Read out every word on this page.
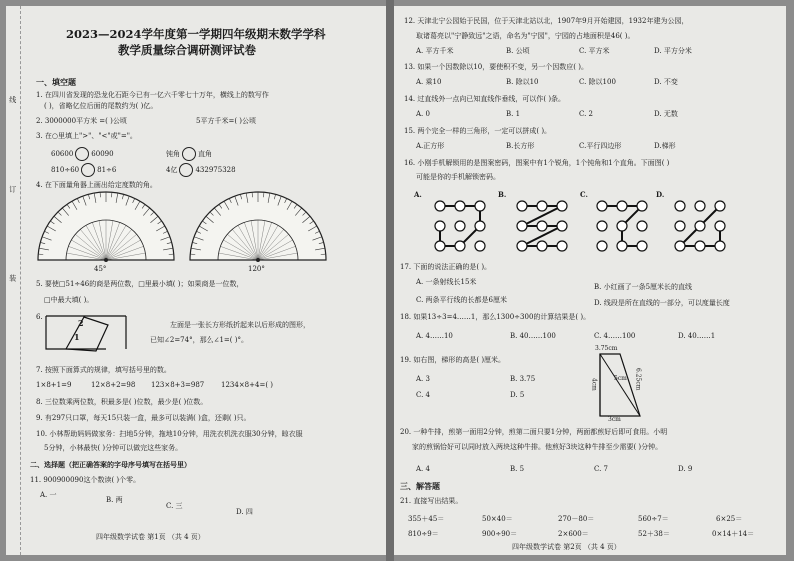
线 订 装
2023—2024学年度第一学期四年级期末数学学科
教学质量综合调研测评试卷
一、填空题
1. 在四川省发现的恐龙化石距今已有一亿六千零七十万年，横线上的数写作
( )，省略亿位后面的尾数约为( )亿。
2. 3000000平方米 =( )公顷	5平方千米=( )公顷
3. 在○里填上">"、"<"或"="。
60600	60090
810÷60	81÷6
钝角	直角
4亿	432975328
4. 在下面量角器上画出给定度数的角。
45°	120°
5. 要使□51÷46的商是两位数，□里最小填( )；如果商是一位数，
□中最大填( )。
6.
1
2	左面是一张长方形纸折起来以后形成的图形，
已知∠2=74°，那么∠1=( )°。
7. 按照下面算式的规律，填写括号里的数。
1×8+1=9	12×8+2=98 123×8+3=987 1234×8+4=( )
8. 三位数乘两位数，积最多是( )位数，最少是( )位数。
9. 有297只口罩，每天15只装一盒，最多可以装满( )盒，还剩( )只。
10. 小林帮助妈妈做家务：扫地5分钟，拖地10分钟，用洗衣机洗衣服30分钟，晾衣服
5分钟，小林最快( )分钟可以做完这些家务。
二、选择题（把正确答案的字母序号填写在括号里）
11. 900900090这个数读( )个零。
A. 一
B. 两
C. 三
D. 四
四年级数学试卷 第1页 （共 4 页）
12. 天津北宁公园始于民国，位于天津北站以北，1907年9月开始建园，1932年建为公园，
取诸葛亮以"宁静致远"之语，命名为"宁园"，宁园的占地面积是46( )。
A. 平方千米	B. 公顷	C. 平方米	D. 平方分米
13. 如果一个因数除以10，要使积不变，另一个因数应( )。
A. 乘10	B. 除以10	C. 除以100	D. 不变
14. 过直线外一点向已知直线作垂线，可以作( )条。
A. 0	B. 1	C. 2	D. 无数
15. 两个完全一样的三角形，一定可以拼成( )。
A.正方形	B.长方形	C.平行四边形	D.梯形
16. 小刚手机解锁用的是图案密码，图案中有1个锐角，1个钝角和1个直角。下面图( )
可能是你的手机解锁密码。
A.	B.	C.	D.
17. 下面的说法正确的是( )。
A. 一条射线长15米
B. 小红画了一条5厘米长的直线
C. 两条平行线的长都是6厘米	D. 线段是所在直线的一部分，可以度量长度
18. 如果13÷3=4……1，那么1300÷300的计算结果是( )。
A. 4……10	B. 40……100	C. 4……100	D. 40……1
19. 如右图，梯形的高是( )厘米。
A. 3	B. 3.75
C. 4	D. 5
3.75cm
4cm	5cm 6.25cm
3cm
20. 一种牛排，煎第一面用2分钟，煎第二面只要1分钟，两面都煎好后即可食用。小明
家的煎锅恰好可以同时放入两块这种牛排。他煎好3块这种牛排至少需要( )分钟。
A. 4	B. 5	C. 7	D. 9
三、解答题
21. 直接写出结果。
355＋45＝	50×40＝	270－80＝	560÷7＝	6×25＝
810÷9＝	900÷90＝	2×600＝	52＋38＝	0×14＋14＝
四年级数学试卷 第2页 （共 4 页）
